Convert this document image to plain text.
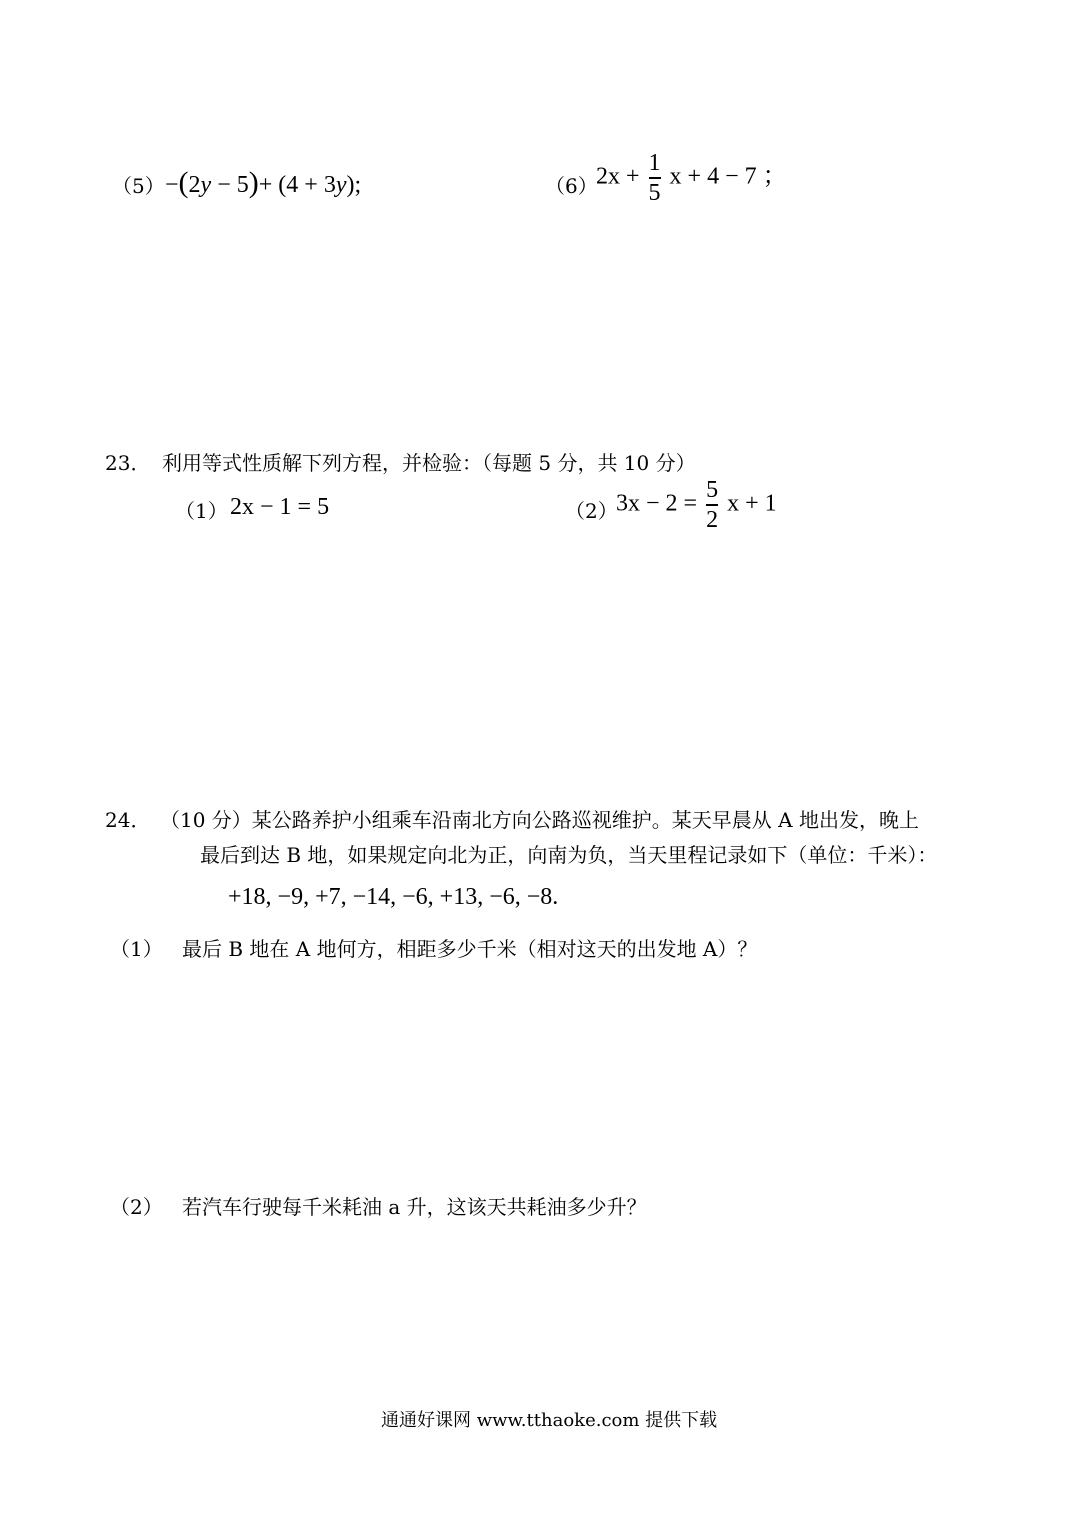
（5） −(2y − 5)+ (4 + 3y);	（6）
$2x + \frac{1}{5}$ x + 4 − 7 ；
23． 利用等式性质解下列方程，并检验：（每题 5 分，共 10 分）
（1） 2x − 1 = 5	（2）
$3x - 2 = \frac{5}{2}$ x + 1
24． （10 分）某公路养护小组乘车沿南北方向公路巡视维护。某天早晨从 A 地出发，晚上
最后到达 B 地，如果规定向北为正，向南为负，当天里程记录如下（单位：千米）：
+18, −9, +7, −14, −6, +13, −6, −8.
（1） 最后 B 地在 A 地何方，相距多少千米（相对这天的出发地 A）？
（2） 若汽车行驶每千米耗油 a 升，这该天共耗油多少升？
通通好课网 www.tthaoke.com 提供下载
